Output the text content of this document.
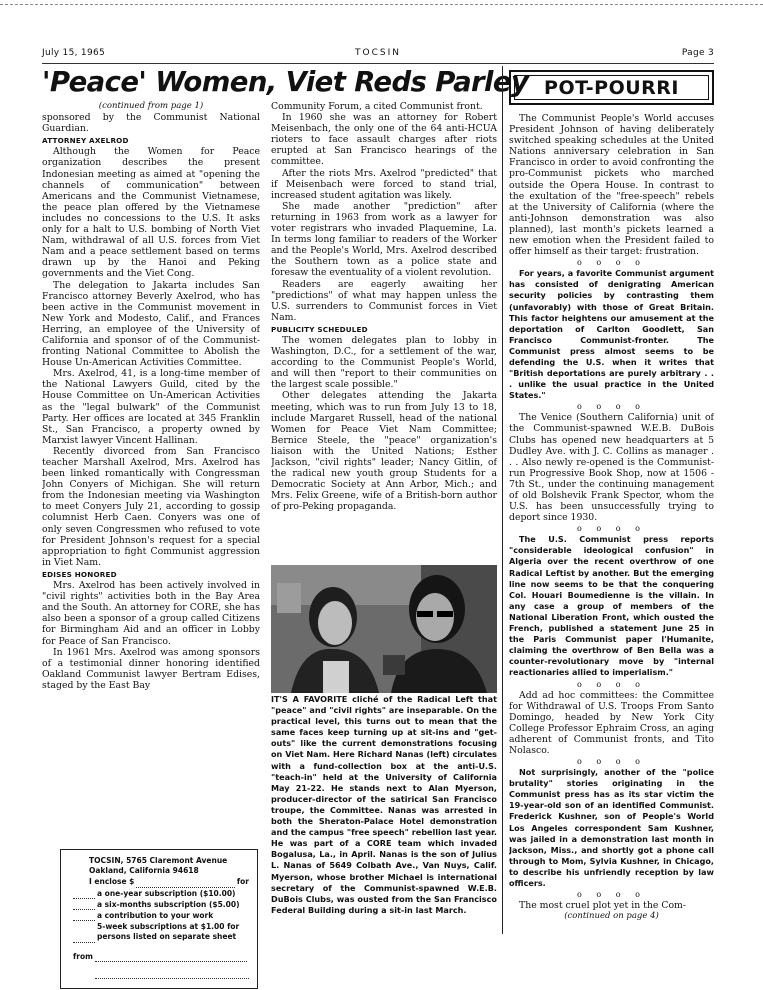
July 15, 1965	TOCSIN	Page 3
'Peace' Women, Viet Reds Parley

(continued from page 1)

sponsored by the Communist National Guardian.

ATTORNEY AXELROD

Although the Women for Peace organization describes the present Indonesian meeting as aimed at "opening the channels of communication" between Americans and the Communist Vietnamese, the peace plan offered by the Vietnamese includes no concessions to the U.S. It asks only for a halt to U.S. bombing of North Viet Nam, withdrawal of all U.S. forces from Viet Nam and a peace settlement based on terms drawn up by the Hanoi and Peking governments and the Viet Cong.

The delegation to Jakarta includes San Francisco attorney Beverly Axelrod, who has been active in the Communist movement in New York and Modesto, Calif., and Frances Herring, an employee of the University of California and sponsor of of the Communist-fronting National Committee to Abolish the House Un-American Activities Committee.

Mrs. Axelrod, 41, is a long-time member of the National Lawyers Guild, cited by the House Committee on Un-American Activities as the "legal bulwark" of the Communist Party. Her offices are located at 345 Franklin St., San Francisco, a property owned by Marxist lawyer Vincent Hallinan.

Recently divorced from San Francisco teacher Marshall Axelrod, Mrs. Axelrod has been linked romantically with Congressman John Conyers of Michigan. She will return from the Indonesian meeting via Washington to meet Conyers July 21, according to gossip columnist Herb Caen. Conyers was one of only seven Congressmen who refused to vote for President Johnson's request for a special appropriation to fight Communist aggression in Viet Nam.

EDISES HONORED

Mrs. Axelrod has been actively involved in "civil rights" activities both in the Bay Area and the South. An attorney for CORE, she has also been a sponsor of a group called Citizens for Birmingham Aid and an officer in Lobby for Peace of San Francisco.

In 1961 Mrs. Axelrod was among sponsors of a testimonial dinner honoring identified Oakland Communist lawyer Bertram Edises, staged by the East Bay

Community Forum, a cited Communist front.

In 1960 she was an attorney for Robert Meisenbach, the only one of the 64 anti-HCUA rioters to face assault charges after riots erupted at San Francisco hearings of the committee.

After the riots Mrs. Axelrod "predicted" that if Meisenbach were forced to stand trial, increased student agitation was likely.

She made another "prediction" after returning in 1963 from work as a lawyer for voter registrars who invaded Plaquemine, La. In terms long familiar to readers of the Worker and the People's World, Mrs. Axelrod described the Southern town as a police state and foresaw the eventuality of a violent revolution.

Readers are eagerly awaiting her "predictions" of what may happen unless the U.S. surrenders to Communist forces in Viet Nam.

PUBLICITY SCHEDULED

The women delegates plan to lobby in Washington, D.C., for a settlement of the war, according to the Communist People's World, and will then "report to their communities on the largest scale possible."

Other delegates attending the Jakarta meeting, which was to run from July 13 to 18, include Margaret Russell, head of the national Women for Peace Viet Nam Committee; Bernice Steele, the "peace" organization's liaison with the United Nations; Esther Jackson, "civil rights" leader; Nancy Gitlin, of the radical new youth group Students for a Democratic Society at Ann Arbor, Mich.; and Mrs. Felix Greene, wife of a British-born author of pro-Peking propaganda.

IT'S A FAVORITE cliché of the Radical Left that "peace" and "civil rights" are inseparable. On the practical level, this turns out to mean that the same faces keep turning up at sit-ins and "get-outs" like the current demonstrations focusing on Viet Nam. Here Richard Nanas (left) circulates with a fund-collection box at the anti-U.S. "teach-in" held at the University of California May 21-22. He stands next to Alan Myerson, producer-director of the satirical San Francisco troupe, the Committee. Nanas was arrested in both the Sheraton-Palace Hotel demonstration and the campus "free speech" rebellion last year. He was part of a CORE team which invaded Bogalusa, La., in April. Nanas is the son of Julius L. Nanas of 5649 Colbath Ave., Van Nuys, Calif. Myerson, whose brother Michael is international secretary of the Communist-spawned W.E.B. DuBois Clubs, was ousted from the San Francisco Federal Building during a sit-in last March.
TOCSIN, 5765 Claremont Avenue
Oakland, California 94618
I enclose $	for
a one-year subscription ($10.00)
a six-months subscription ($5.00)
a contribution to your work
5-week subscriptions at $1.00 for persons listed on separate sheet
from
POT-POURRI

The Communist People's World accuses President Johnson of having deliberately switched speaking schedules at the United Nations anniversary celebration in San Francisco in order to avoid confronting the pro-Communist pickets who marched outside the Opera House. In contrast to the exultation of the "free-speech" rebels at the University of California (where the anti-Johnson demonstration was also planned), last month's pickets learned a new emotion when the President failed to offer himself as their target: frustration.

o o o o

For years, a favorite Communist argument has consisted of denigrating American security policies by contrasting them (unfavorably) with those of Great Britain. This factor heightens our amusement at the deportation of Carlton Goodlett, San Francisco Communist-fronter. The Communist press almost seems to be defending the U.S. when it writes that "British deportations are purely arbitrary . . . unlike the usual practice in the United States."

o o o o

The Venice (Southern California) unit of the Communist-spawned W.E.B. DuBois Clubs has opened new headquarters at 5 Dudley Ave. with J. C. Collins as manager . . . Also newly re-opened is the Communist-run Progressive Book Shop, now at 1506 - 7th St., under the continuing management of old Bolshevik Frank Spector, whom the U.S. has been unsuccessfully trying to deport since 1930.

o o o o

The U.S. Communist press reports "considerable ideological confusion" in Algeria over the recent overthrow of one Radical Leftist by another. But the emerging line now seems to be that the conquering Col. Houari Boumedienne is the villain. In any case a group of members of the National Liberation Front, which ousted the French, published a statement June 25 in the Paris Communist paper l'Humanite, claiming the overthrow of Ben Bella was a counter-revolutionary move by "internal reactionaries allied to imperialism."

o o o o

Add ad hoc committees: the Committee for Withdrawal of U.S. Troops From Santo Domingo, headed by New York City College Professor Ephraim Cross, an aging adherent of Communist fronts, and Tito Nolasco.

o o o o

Not surprisingly, another of the "police brutality" stories originating in the Communist press has as its star victim the 19-year-old son of an identified Communist. Frederick Kushner, son of People's World Los Angeles correspondent Sam Kushner, was jailed in a demonstration last month in Jackson, Miss., and shortly got a phone call through to Mom, Sylvia Kushner, in Chicago, to describe his unfriendly reception by law officers.

o o o o

The most cruel plot yet in the Com-

(continued on page 4)
